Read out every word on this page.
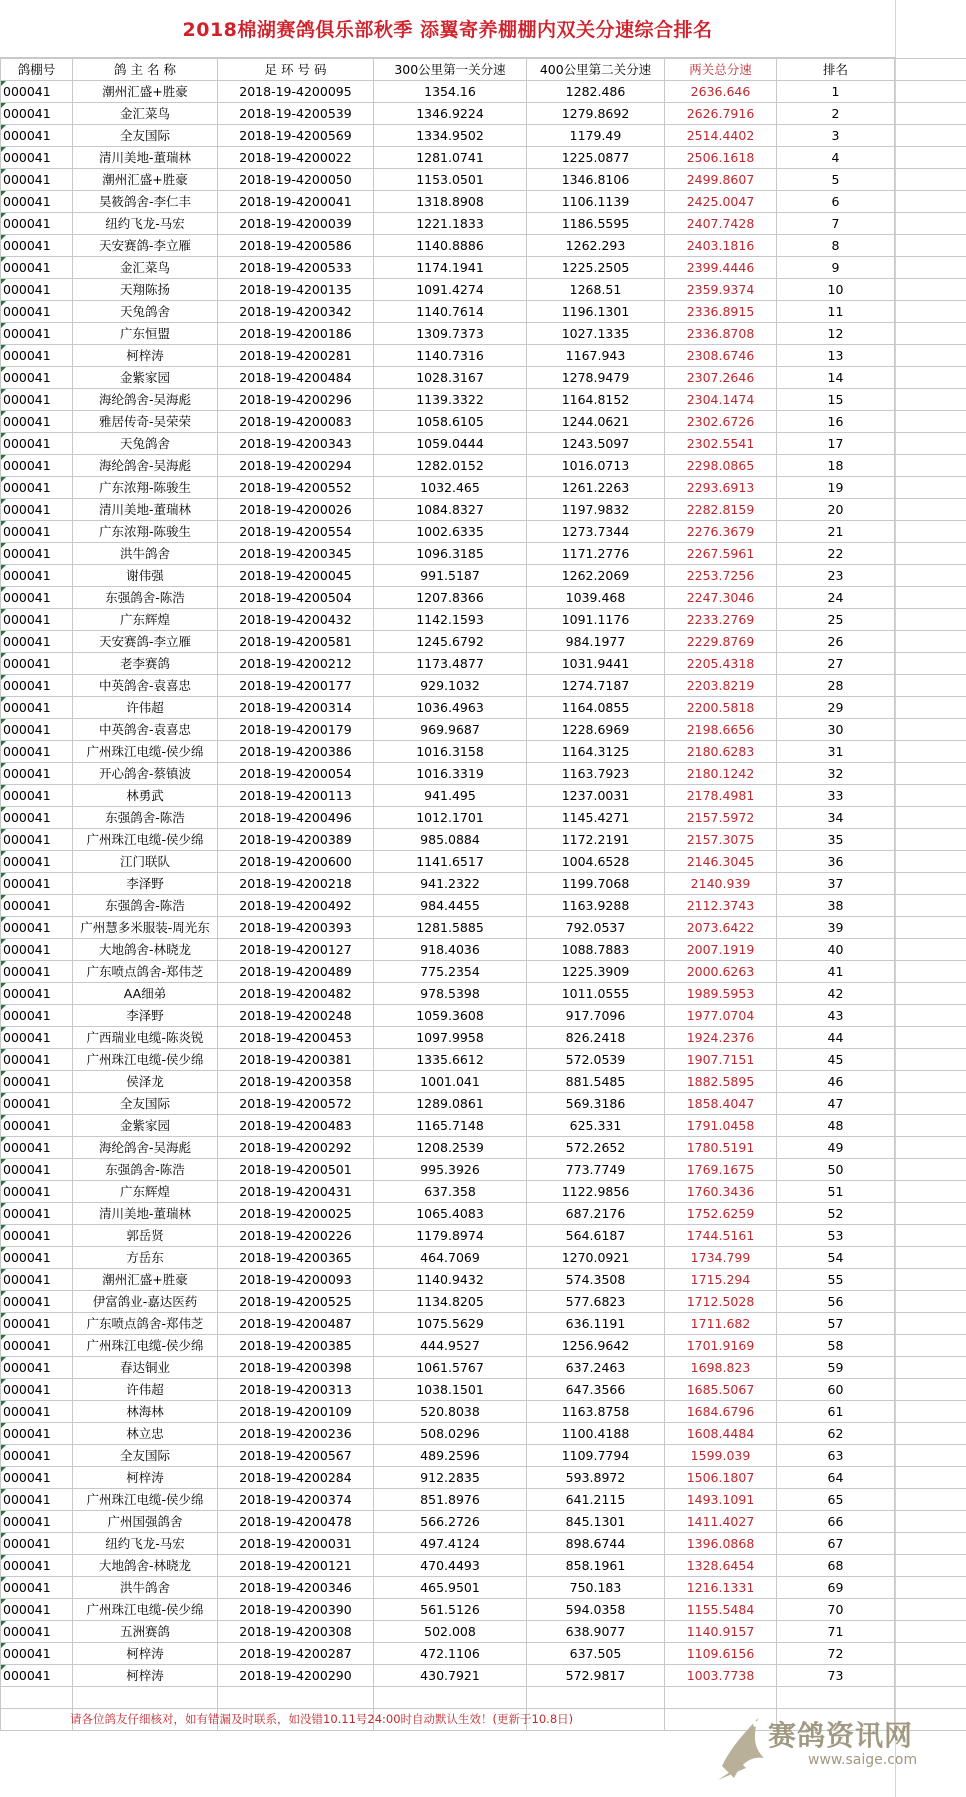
2018棉湖赛鸽俱乐部秋季 添翼寄养棚棚内双关分速综合排名
鸽棚号	鸽 主 名 称	足 环 号 码	300公里第一关分速	400公里第二关分速	两关总分速	排名	
000041	潮州汇盛+胜豪	2018-19-4200095	1354.16	1282.486	2636.646	1	
000041	金汇菜鸟	2018-19-4200539	1346.9224	1279.8692	2626.7916	2	
000041	全友国际	2018-19-4200569	1334.9502	1179.49	2514.4402	3	
000041	清川美地-董瑞林	2018-19-4200022	1281.0741	1225.0877	2506.1618	4	
000041	潮州汇盛+胜豪	2018-19-4200050	1153.0501	1346.8106	2499.8607	5	
000041	昊筱鸽舍-李仁丰	2018-19-4200041	1318.8908	1106.1139	2425.0047	6	
000041	纽约飞龙-马宏	2018-19-4200039	1221.1833	1186.5595	2407.7428	7	
000041	天安赛鸽-李立雁	2018-19-4200586	1140.8886	1262.293	2403.1816	8	
000041	金汇菜鸟	2018-19-4200533	1174.1941	1225.2505	2399.4446	9	
000041	天翔陈扬	2018-19-4200135	1091.4274	1268.51	2359.9374	10	
000041	天兔鸽舍	2018-19-4200342	1140.7614	1196.1301	2336.8915	11	
000041	广东恒盟	2018-19-4200186	1309.7373	1027.1335	2336.8708	12	
000041	柯梓涛	2018-19-4200281	1140.7316	1167.943	2308.6746	13	
000041	金紫家园	2018-19-4200484	1028.3167	1278.9479	2307.2646	14	
000041	海纶鸽舍-吴海彪	2018-19-4200296	1139.3322	1164.8152	2304.1474	15	
000041	雅居传奇-吴荣荣	2018-19-4200083	1058.6105	1244.0621	2302.6726	16	
000041	天兔鸽舍	2018-19-4200343	1059.0444	1243.5097	2302.5541	17	
000041	海纶鸽舍-吴海彪	2018-19-4200294	1282.0152	1016.0713	2298.0865	18	
000041	广东浓翔-陈骏生	2018-19-4200552	1032.465	1261.2263	2293.6913	19	
000041	清川美地-董瑞林	2018-19-4200026	1084.8327	1197.9832	2282.8159	20	
000041	广东浓翔-陈骏生	2018-19-4200554	1002.6335	1273.7344	2276.3679	21	
000041	洪牛鸽舍	2018-19-4200345	1096.3185	1171.2776	2267.5961	22	
000041	谢伟强	2018-19-4200045	991.5187	1262.2069	2253.7256	23	
000041	东强鸽舍-陈浩	2018-19-4200504	1207.8366	1039.468	2247.3046	24	
000041	广东辉煌	2018-19-4200432	1142.1593	1091.1176	2233.2769	25	
000041	天安赛鸽-李立雁	2018-19-4200581	1245.6792	984.1977	2229.8769	26	
000041	老李赛鸽	2018-19-4200212	1173.4877	1031.9441	2205.4318	27	
000041	中英鸽舍-袁喜忠	2018-19-4200177	929.1032	1274.7187	2203.8219	28	
000041	许伟超	2018-19-4200314	1036.4963	1164.0855	2200.5818	29	
000041	中英鸽舍-袁喜忠	2018-19-4200179	969.9687	1228.6969	2198.6656	30	
000041	广州珠江电缆-侯少绵	2018-19-4200386	1016.3158	1164.3125	2180.6283	31	
000041	开心鸽舍-蔡镇波	2018-19-4200054	1016.3319	1163.7923	2180.1242	32	
000041	林勇武	2018-19-4200113	941.495	1237.0031	2178.4981	33	
000041	东强鸽舍-陈浩	2018-19-4200496	1012.1701	1145.4271	2157.5972	34	
000041	广州珠江电缆-侯少绵	2018-19-4200389	985.0884	1172.2191	2157.3075	35	
000041	江门联队	2018-19-4200600	1141.6517	1004.6528	2146.3045	36	
000041	李泽野	2018-19-4200218	941.2322	1199.7068	2140.939	37	
000041	东强鸽舍-陈浩	2018-19-4200492	984.4455	1163.9288	2112.3743	38	
000041	广州慧多米服装-周光东	2018-19-4200393	1281.5885	792.0537	2073.6422	39	
000041	大地鸽舍-林晓龙	2018-19-4200127	918.4036	1088.7883	2007.1919	40	
000041	广东喷点鸽舍-郑伟芝	2018-19-4200489	775.2354	1225.3909	2000.6263	41	
000041	AA细弟	2018-19-4200482	978.5398	1011.0555	1989.5953	42	
000041	李泽野	2018-19-4200248	1059.3608	917.7096	1977.0704	43	
000041	广西瑞业电缆-陈炎锐	2018-19-4200453	1097.9958	826.2418	1924.2376	44	
000041	广州珠江电缆-侯少绵	2018-19-4200381	1335.6612	572.0539	1907.7151	45	
000041	侯泽龙	2018-19-4200358	1001.041	881.5485	1882.5895	46	
000041	全友国际	2018-19-4200572	1289.0861	569.3186	1858.4047	47	
000041	金紫家园	2018-19-4200483	1165.7148	625.331	1791.0458	48	
000041	海纶鸽舍-吴海彪	2018-19-4200292	1208.2539	572.2652	1780.5191	49	
000041	东强鸽舍-陈浩	2018-19-4200501	995.3926	773.7749	1769.1675	50	
000041	广东辉煌	2018-19-4200431	637.358	1122.9856	1760.3436	51	
000041	清川美地-董瑞林	2018-19-4200025	1065.4083	687.2176	1752.6259	52	
000041	郭岳贤	2018-19-4200226	1179.8974	564.6187	1744.5161	53	
000041	方岳东	2018-19-4200365	464.7069	1270.0921	1734.799	54	
000041	潮州汇盛+胜豪	2018-19-4200093	1140.9432	574.3508	1715.294	55	
000041	伊富鸽业-嘉达医药	2018-19-4200525	1134.8205	577.6823	1712.5028	56	
000041	广东喷点鸽舍-郑伟芝	2018-19-4200487	1075.5629	636.1191	1711.682	57	
000041	广州珠江电缆-侯少绵	2018-19-4200385	444.9527	1256.9642	1701.9169	58	
000041	春达铜业	2018-19-4200398	1061.5767	637.2463	1698.823	59	
000041	许伟超	2018-19-4200313	1038.1501	647.3566	1685.5067	60	
000041	林海林	2018-19-4200109	520.8038	1163.8758	1684.6796	61	
000041	林立忠	2018-19-4200236	508.0296	1100.4188	1608.4484	62	
000041	全友国际	2018-19-4200567	489.2596	1109.7794	1599.039	63	
000041	柯梓涛	2018-19-4200284	912.2835	593.8972	1506.1807	64	
000041	广州珠江电缆-侯少绵	2018-19-4200374	851.8976	641.2115	1493.1091	65	
000041	广州国强鸽舍	2018-19-4200478	566.2726	845.1301	1411.4027	66	
000041	纽约飞龙-马宏	2018-19-4200031	497.4124	898.6744	1396.0868	67	
000041	大地鸽舍-林晓龙	2018-19-4200121	470.4493	858.1961	1328.6454	68	
000041	洪牛鸽舍	2018-19-4200346	465.9501	750.183	1216.1331	69	
000041	广州珠江电缆-侯少绵	2018-19-4200390	561.5126	594.0358	1155.5484	70	
000041	五洲赛鸽	2018-19-4200308	502.008	638.9077	1140.9157	71	
000041	柯梓涛	2018-19-4200287	472.1106	637.505	1109.6156	72	
000041	柯梓涛	2018-19-4200290	430.7921	572.9817	1003.7738	73	

请各位鸽友仔细核对，如有错漏及时联系，如没错10.11号24:00时自动默认生效！(更新于10.8日)	赛鸽资讯网
www.saige.com
